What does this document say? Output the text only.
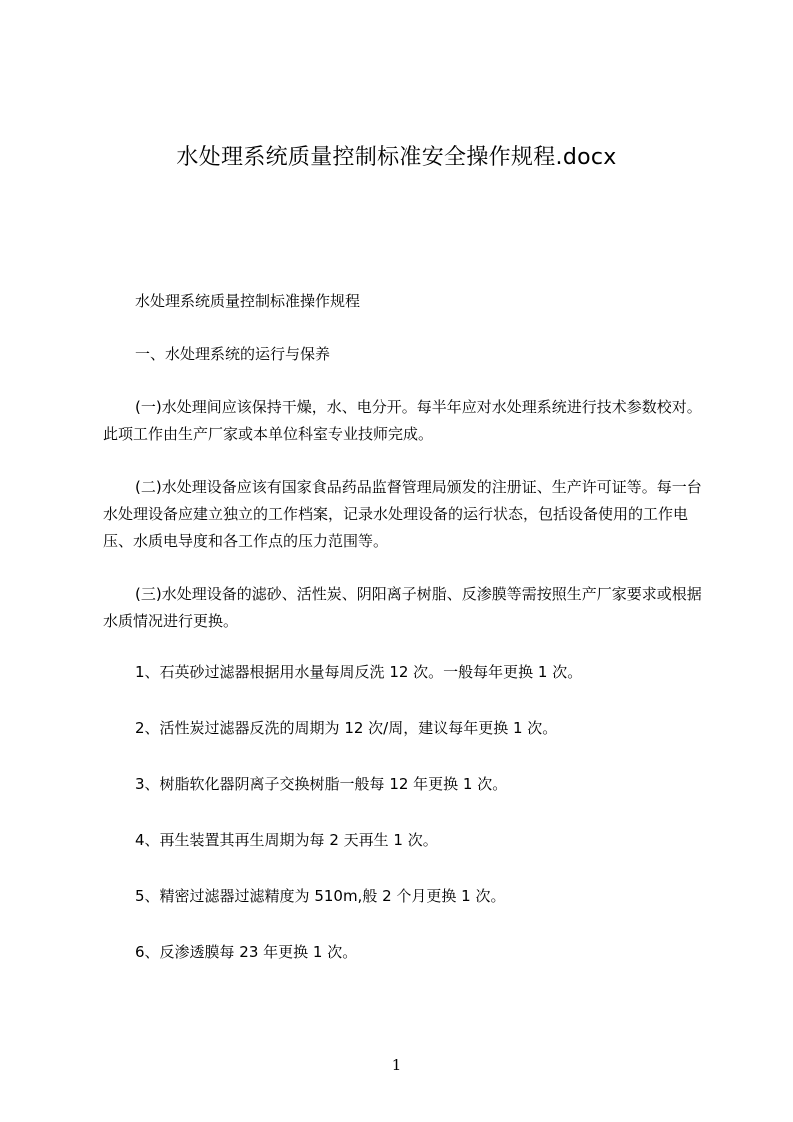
水处理系统质量控制标准安全操作规程.docx

水处理系统质量控制标准操作规程

一、水处理系统的运行与保养

(一)水处理间应该保持干燥，水、电分开。每半年应对水处理系统进行技术参数校对。此项工作由生产厂家或本单位科室专业技师完成。

(二)水处理设备应该有国家食品药品监督管理局颁发的注册证、生产许可证等。每一台水处理设备应建立独立的工作档案，记录水处理设备的运行状态，包括设备使用的工作电压、水质电导度和各工作点的压力范围等。

(三)水处理设备的滤砂、活性炭、阴阳离子树脂、反渗膜等需按照生产厂家要求或根据水质情况进行更换。

1、石英砂过滤器根据用水量每周反洗 12 次。一般每年更换 1 次。

2、活性炭过滤器反洗的周期为 12 次/周，建议每年更换 1 次。

3、树脂软化器阴离子交换树脂一般每 12 年更换 1 次。

4、再生装置其再生周期为每 2 天再生 1 次。

5、精密过滤器过滤精度为 510m,般 2 个月更换 1 次。

6、反渗透膜每 23 年更换 1 次。

1
